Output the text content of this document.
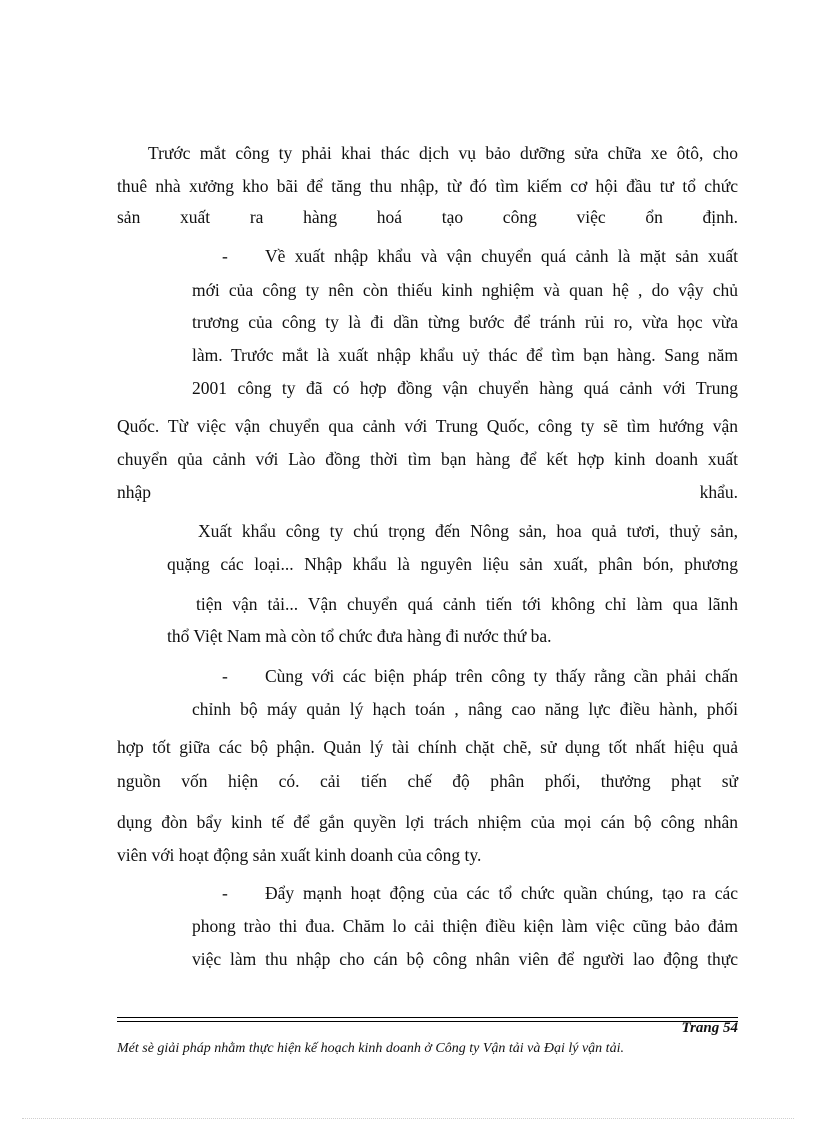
Trước mắt công ty phải khai thác dịch vụ bảo dưỡng sửa chữa xe ôtô, cho
thuê nhà xưởng kho bãi để tăng thu nhập, từ đó tìm kiếm cơ hội đầu tư tổ chức
sản xuất ra hàng hoá tạo công việc ổn định.
- Về xuất nhập khẩu và vận chuyển quá cảnh là mặt sản xuất
mới của công ty nên còn thiếu kinh nghiệm và quan hệ , do vậy chủ
trương của công ty là đi dần từng bước để tránh rủi ro, vừa học vừa
làm. Trước mắt là xuất nhập khẩu uỷ thác để tìm bạn hàng. Sang năm
2001 công ty đã có hợp đồng vận chuyển hàng quá cảnh với Trung
Quốc. Từ việc vận chuyển qua cảnh với Trung Quốc, công ty sẽ tìm hướng vận
chuyển qủa cảnh với Lào đồng thời tìm bạn hàng để kết hợp kinh doanh xuất
nhập khẩu.
Xuất khẩu công ty chú trọng đến Nông sản, hoa quả tươi, thuỷ sản,
quặng các loại... Nhập khẩu là nguyên liệu sản xuất, phân bón, phương
tiện vận tải... Vận chuyển quá cảnh tiến tới không chỉ làm qua lãnh
thổ Việt Nam mà còn tổ chức đưa hàng đi nước thứ ba.
- Cùng với các biện pháp trên công ty thấy rằng cần phải chấn
chỉnh bộ máy quản lý hạch toán , nâng cao năng lực điều hành, phối
hợp tốt giữa các bộ phận. Quản lý tài chính chặt chẽ, sử dụng tốt nhất hiệu quả
nguồn vốn hiện có. cải tiến chế độ phân phối, thưởng phạt sử
dụng đòn bẩy kinh tế để gắn quyền lợi trách nhiệm của mọi cán bộ công nhân
viên với hoạt động sản xuất kinh doanh của công ty.
- Đẩy mạnh hoạt động của các tổ chức quần chúng, tạo ra các
phong trào thi đua. Chăm lo cải thiện điều kiện làm việc cũng bảo đảm
việc làm thu nhập cho cán bộ công nhân viên để người lao động thực
Trang 54
Mét sè giải pháp nhằm thực hiện kế hoạch kinh doanh ở Công ty Vận tải và Đại lý vận tải.
